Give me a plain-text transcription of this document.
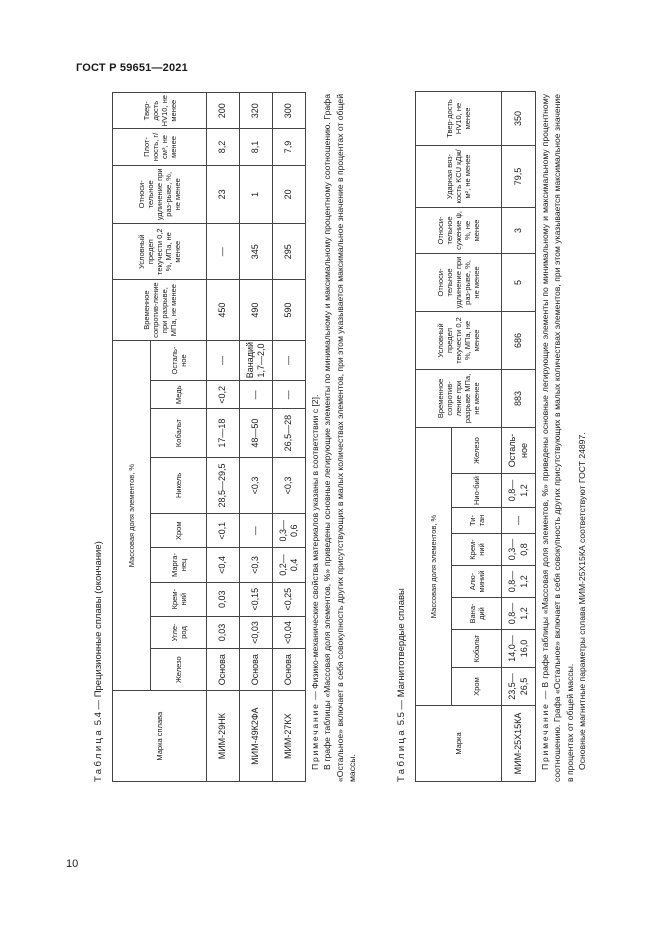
ГОСТ Р 59651—2021
Таблица 5.4 — Прецизионные сплавы (окончание)
Марка сплава	Массовая доля элементов, %									Временное сопротив-ление при разрыве, МПа, не менее	Условный предел текучести 0,2 %, МПа, не менее	Относи-тельное удлинение при раз-рыве, %, не менее	Плот-ность, г/см³, не менее	Твер-дость HV10, не менее
	Железо	Угле-род	Крем-ний	Марга-нец	Хром	Никель	Кобальт	Медь	Осталь-ное					
МИМ-29НК	Основа	0,03	0,03	<0,4	<0,1	28,5—29,5	17—18	<0,2	—	450	—	23	8,2	200
МИМ-49К2ФА	Основа	<0,03	<0,15	<0,3	—	<0,3	48—50	—	Ванадий 1,7—2,0	490	345	1	8,1	320
МИМ-27КХ	Основа	<0,04	<0,25	0,2—0,4	0,3—0,6	<0,3	26,5—28	—	—	590	295	20	7,9	300

Примечание — Физико-механические свойства материалов указаны в соответствии с [2]. В графе таблицы «Массовая доля элементов, %» приведены основные легирующие элементы по минимальному и максимальному процентному соотношению. Графа «Остальное» включает в себя совокупность других присутствующих в малых количествах элементов, при этом указывается максимальное значение в процентах от общей массы.	Таблица 5.5 — Магнитотвердые сплавы
Марка	Массовая доля элементов, %								Временное сопротив-ление при разрыве МПа, не менее	Условный предел текучести 0,2 %, МПа, не менее	Относи-тельное удлинение при раз-рыве, %, не менее	Относи-тельное сужение ψ, %, не менее	Ударная вяз-кость KCU кДж/м², не менее	Твер-дость HV10, не менее
	Хром	Кобальт	Вана-дий	Алю-миний	Крем-ний	Ти-тан	Нио-бий	Железо						
МИМ-25Х15КА	23,5—26,5	14,0—16,0	0,8—1,2	0,8—1,2	0,3—0,8	—	0,8—1,2	Осталь-ное	883	686	5	3	79,5	350

Примечание — В графе таблицы «Массовая доля элементов, %» приведены основные легирующие элементы по минимальному и максимальному процентному соотношению. Графа «Остальное» включает в себя совокупность других присутствующих в малых количествах элементов, при этом указывается максимальное значение в процентах от общей массы. Основные магнитные параметры сплава МИМ-25Х15КА соответствуют ГОСТ 24897.

10
